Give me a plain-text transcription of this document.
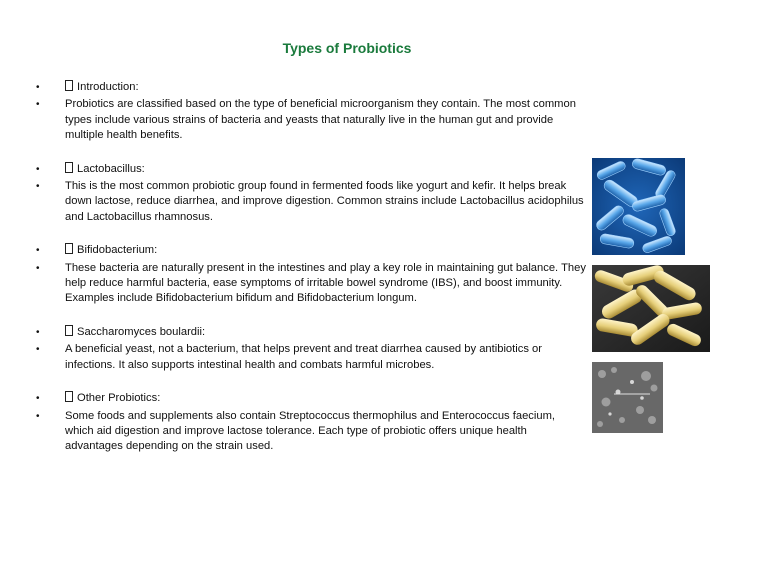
Types of Probiotics
•	Introduction:
•	Probiotics are classified based on the type of beneficial microorganism they contain. The most common types include various strains of bacteria and yeasts that naturally live in the human gut and provide multiple health benefits.
•	Lactobacillus:
•	This is the most common probiotic group found in fermented foods like yogurt and kefir. It helps break down lactose, reduce diarrhea, and improve digestion. Common strains include Lactobacillus acidophilus and Lactobacillus rhamnosus.
•	Bifidobacterium:
•	These bacteria are naturally present in the intestines and play a key role in maintaining gut balance. They help reduce harmful bacteria, ease symptoms of irritable bowel syndrome (IBS), and boost immunity. Examples include Bifidobacterium bifidum and Bifidobacterium longum.
•	Saccharomyces boulardii:
•	A beneficial yeast, not a bacterium, that helps prevent and treat diarrhea caused by antibiotics or infections. It also supports intestinal health and combats harmful microbes.
•	Other Probiotics:
•	Some foods and supplements also contain Streptococcus thermophilus and Enterococcus faecium, which aid digestion and improve lactose tolerance. Each type of probiotic offers unique health advantages depending on the strain used.
